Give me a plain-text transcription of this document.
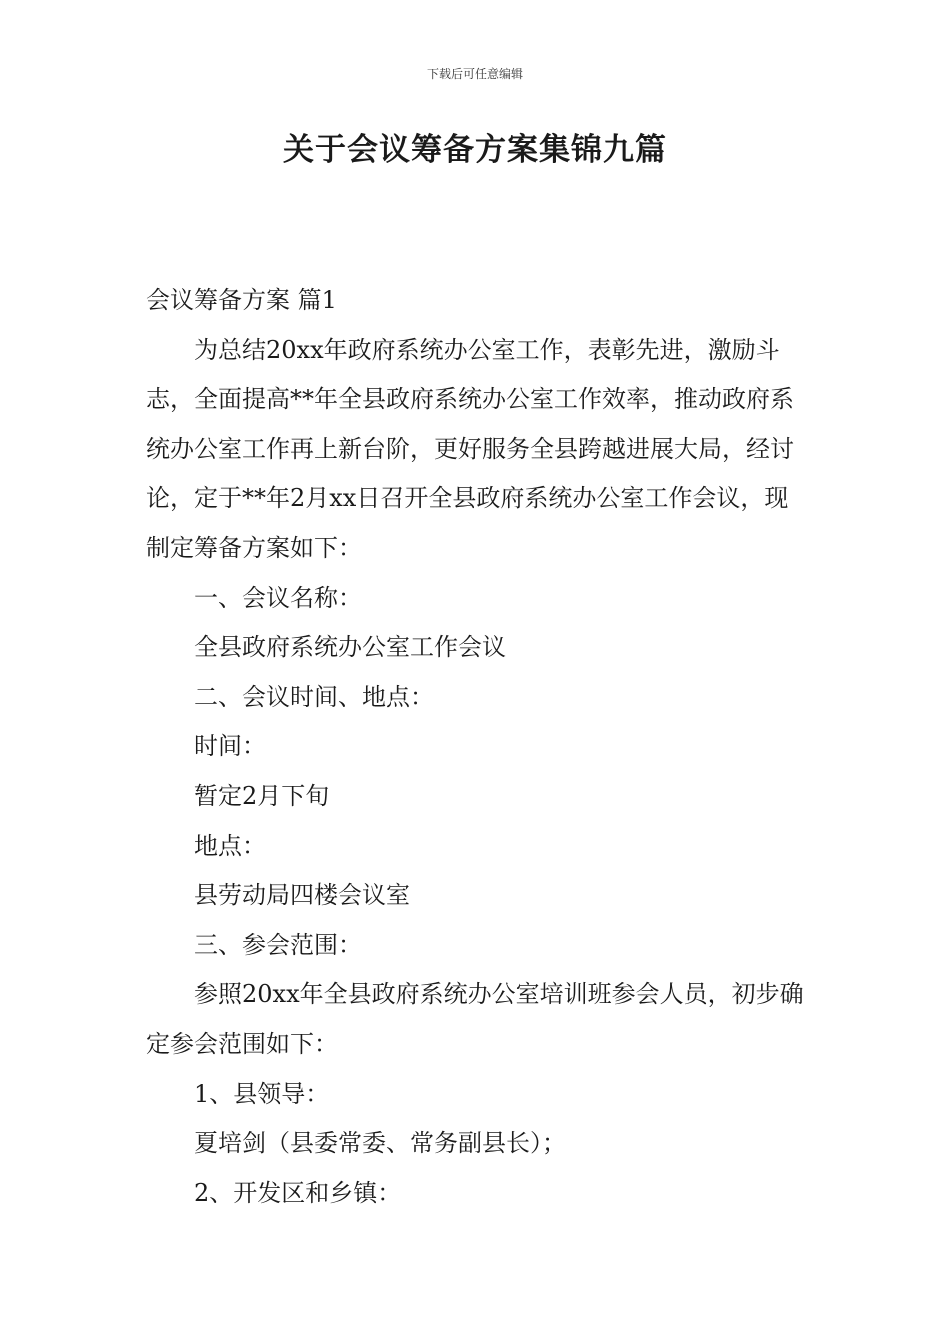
下载后可任意编辑
关于会议筹备方案集锦九篇

会议筹备方案 篇1

为总结20xx年政府系统办公室工作，表彰先进，激励斗志，全面提高**年全县政府系统办公室工作效率，推动政府系统办公室工作再上新台阶，更好服务全县跨越进展大局，经讨论，定于**年2月xx日召开全县政府系统办公室工作会议，现制定筹备方案如下：

一、会议名称：

全县政府系统办公室工作会议

二、会议时间、地点：

时间：

暂定2月下旬

地点：

县劳动局四楼会议室

三、参会范围：

参照20xx年全县政府系统办公室培训班参会人员，初步确定参会范围如下：

1、县领导：

夏培剑（县委常委、常务副县长）；

2、开发区和乡镇：
